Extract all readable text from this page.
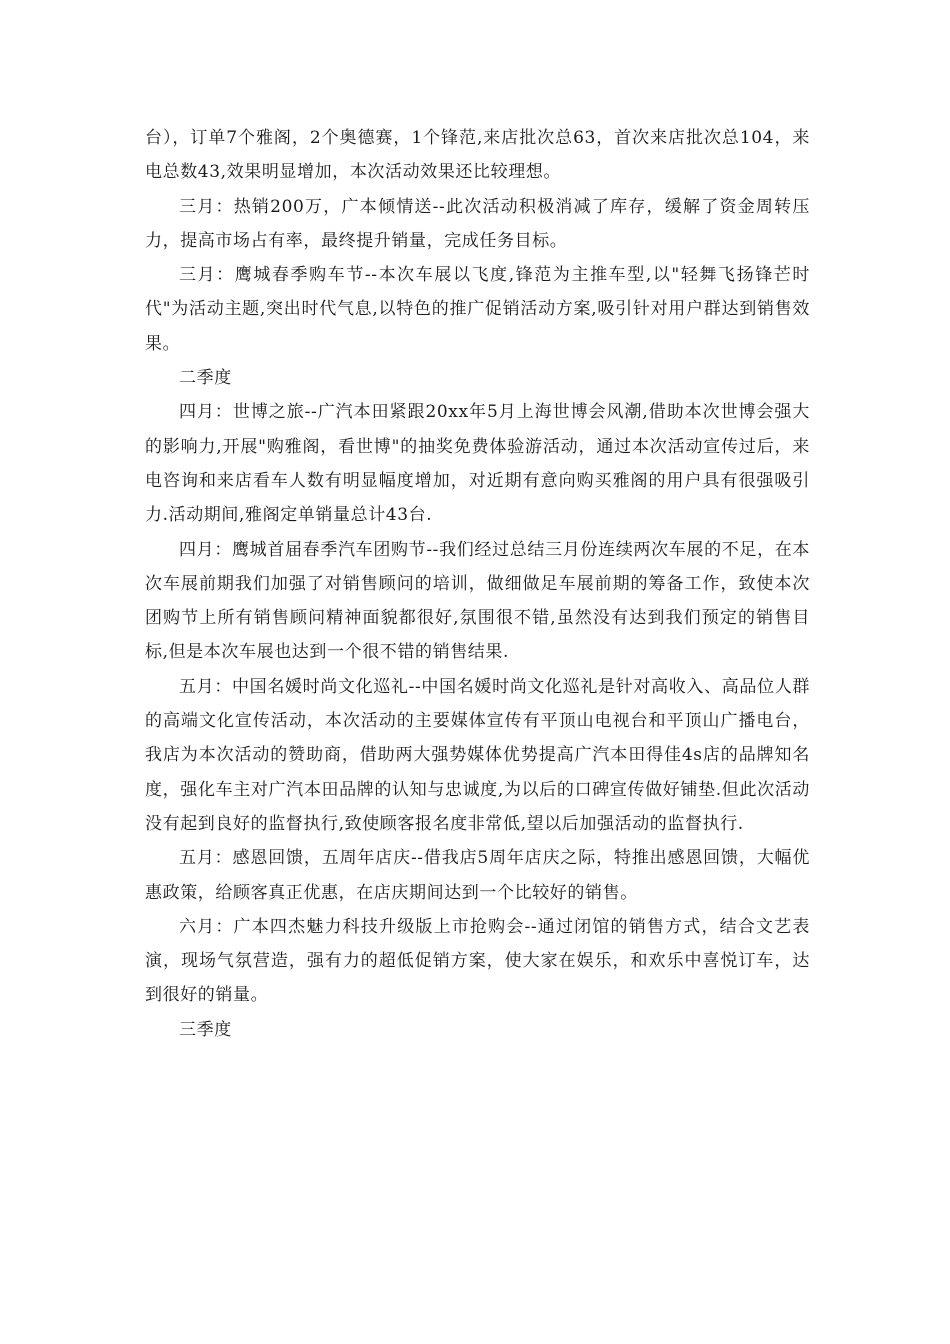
台），订单7个雅阁，2个奥德赛，1个锋范,来店批次总63，首次来店批次总104，来电总数43,效果明显增加，本次活动效果还比较理想。

三月：热销200万，广本倾情送--此次活动积极消减了库存，缓解了资金周转压力，提高市场占有率，最终提升销量，完成任务目标。

三月：鹰城春季购车节--本次车展以飞度,锋范为主推车型,以"轻舞飞扬锋芒时代"为活动主题,突出时代气息,以特色的推广促销活动方案,吸引针对用户群达到销售效果。

二季度

四月：世博之旅--广汽本田紧跟20xx年5月上海世博会风潮,借助本次世博会强大的影响力,开展"购雅阁，看世博"的抽奖免费体验游活动，通过本次活动宣传过后，来电咨询和来店看车人数有明显幅度增加，对近期有意向购买雅阁的用户具有很强吸引力.活动期间,雅阁定单销量总计43台.

四月：鹰城首届春季汽车团购节--我们经过总结三月份连续两次车展的不足，在本次车展前期我们加强了对销售顾问的培训，做细做足车展前期的筹备工作，致使本次团购节上所有销售顾问精神面貌都很好,氛围很不错,虽然没有达到我们预定的销售目标,但是本次车展也达到一个很不错的销售结果.

五月：中国名媛时尚文化巡礼--中国名媛时尚文化巡礼是针对高收入、高品位人群的高端文化宣传活动，本次活动的主要媒体宣传有平顶山电视台和平顶山广播电台，我店为本次活动的赞助商，借助两大强势媒体优势提高广汽本田得佳4s店的品牌知名度，强化车主对广汽本田品牌的认知与忠诚度,为以后的口碑宣传做好铺垫.但此次活动没有起到良好的监督执行,致使顾客报名度非常低,望以后加强活动的监督执行.

五月：感恩回馈，五周年店庆--借我店5周年店庆之际，特推出感恩回馈，大幅优惠政策，给顾客真正优惠，在店庆期间达到一个比较好的销售。

六月：广本四杰魅力科技升级版上市抢购会--通过闭馆的销售方式，结合文艺表演，现场气氛营造，强有力的超低促销方案，使大家在娱乐，和欢乐中喜悦订车，达到很好的销量。

三季度
